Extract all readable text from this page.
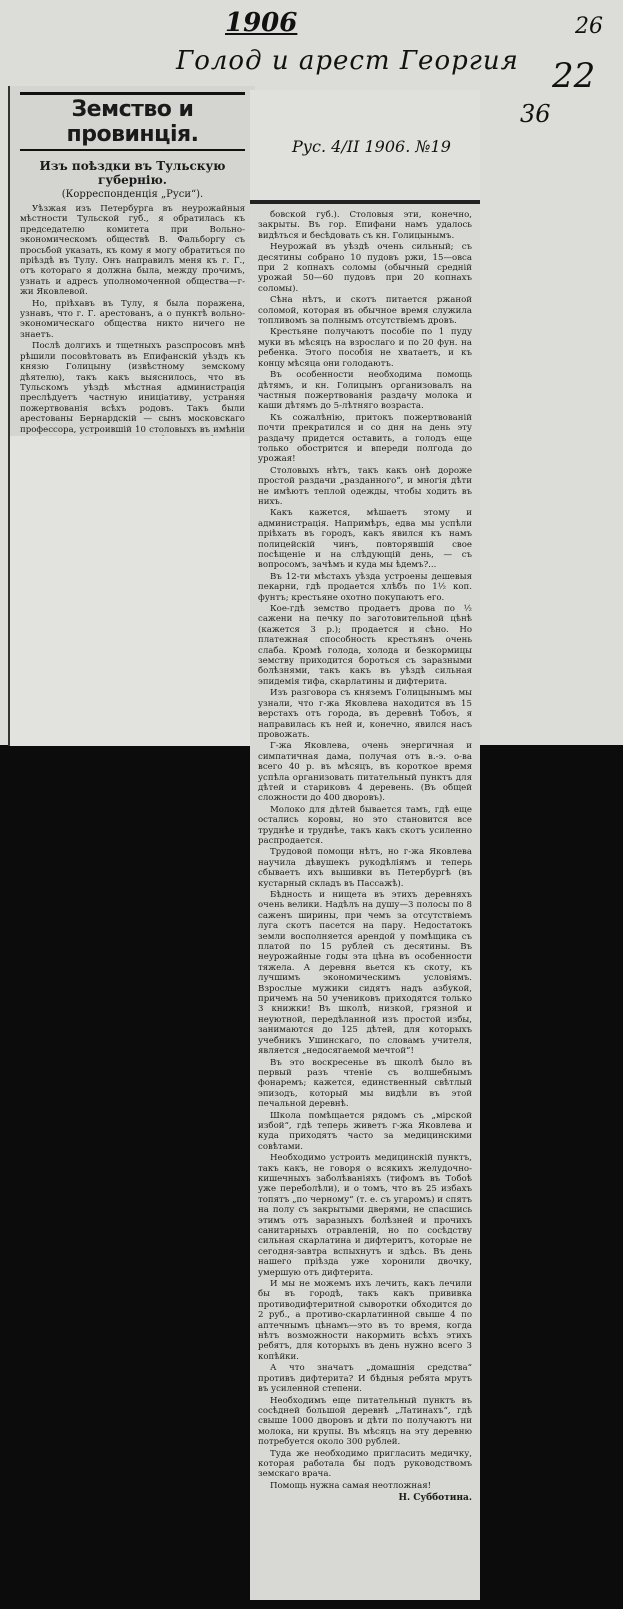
1906
Голод и арест Георгия
26
22
36
Земство и провинція.
Изъ поѣздки въ Тульскую губернію.
(Корреспонденція „Руси“).

Уѣзжая изъ Петербурга въ неурожайныя мѣстности Тульской губ., я обратилась къ председателю комитета при Вольно-экономическомъ обществѣ В. Фальборгу съ просьбой указать, къ кому я могу обратиться по пріѣздѣ въ Тулу. Онъ направилъ меня къ г. Г., отъ котораго я должна была, между прочимъ, узнать и адресъ уполномоченной общества—г-жи Яковлевой.

Но, пріѣхавъ въ Тулу, я была поражена, узнавъ, что г. Г. арестованъ, а о пунктѣ вольно-экономическаго общества никто ничего не знаетъ.

Послѣ долгихъ и тщетныхъ разспросовъ мнѣ рѣшили посовѣтовать въ Епифанскій уѣздъ къ князю Голицыну (извѣстному земскому дѣятелю), такъ какъ выяснилось, что въ Тульскомъ уѣздѣ мѣстная администрація преслѣдуетъ частную иниціативу, устраняя пожертвованія всѣхъ родовъ. Такъ были арестованы Бернардскій — сынъ московскаго профессора, устроившій 10 столовыхъ въ имѣніи

Рус. 4/ІІ 1906. №19

бовской губ.). Столовыя эти, конечно, закрыты. Въ гор. Епифани намъ удалось видѣться и бесѣдовать съ кн. Голицынымъ.

Неурожай въ уѣздѣ очень сильный; съ десятины собрано 10 пудовъ ржи, 15—овса при 2 копнахъ соломы (обычный средній урожай 50—60 пудовъ при 20 копнахъ соломы).

Сѣна нѣтъ, и скотъ питается ржаной соломой, которая въ обычное время служила топливомъ за полнымъ отсутствіемъ дровъ.

Крестьяне получаютъ пособіе по 1 пуду муки въ мѣсяцъ на взрослаго и по 20 фун. на ребенка. Этого пособія не хватаетъ, и къ концу мѣсяца они голодаютъ.

Въ особенности необходима помощь дѣтямъ, и кн. Голицынъ организовалъ на частныя пожертвованія раздачу молока и каши дѣтямъ до 5-лѣтняго возраста.

Къ сожалѣнію, притокъ пожертвованій почти прекратился и со дня на день эту раздачу придется оставить, а голодъ еще только обострится и впереди полгода до урожая!

Столовыхъ нѣтъ, такъ какъ онѣ дороже простой раздачи „разданного“, и многія дѣти не имѣютъ теплой одежды, чтобы ходить въ нихъ.

Какъ кажется, мѣшаетъ этому и администрація. Напримѣръ, едва мы успѣли пріѣхать въ городъ, какъ явился къ намъ полицейскій чинъ, повторявшій свое посѣщеніе и на слѣдующій день, — съ вопросомъ, зачѣмъ и куда мы ѣдемъ?...

Въ 12-ти мѣстахъ уѣзда устроены дешевыя пекарни, гдѣ продается хлѣбъ по 1½ коп. фунтъ; крестьяне охотно покупаютъ его.

Кое-гдѣ земство продаетъ дрова по ½ сажени на печку по заготовительной цѣнѣ (кажется 3 р.); продается и сѣно. Но платежная способность крестьянъ очень слаба. Кромѣ голода, холода и безкормицы земству приходится бороться съ заразными болѣзнями, такъ какъ въ уѣздѣ сильная эпидемія тифа, скарлатины и дифтерита.

Изъ разговора съ княземъ Голицынымъ мы узнали, что г-жа Яковлева находится въ 15 верстахъ отъ города, въ деревнѣ Тобоъ, я направилась къ ней и, конечно, явился насъ провожать.

Г-жа Яковлева, очень энергичная и симпатичная дама, получая отъ в.-э. о-ва всего 40 р. въ мѣсяцъ, въ короткое время успѣла организовать питательный пунктъ для дѣтей и стариковъ 4 деревень. (Въ общей сложности до 400 дворовъ).

Молоко для дѣтей бывается тамъ, гдѣ еще остались коровы, но это становится все труднѣе и труднѣе, такъ какъ скотъ усиленно распродается.

Трудовой помощи нѣтъ, но г-жа Яковлева научила дѣвушекъ рукодѣліямъ и теперь сбываетъ ихъ вышивки въ Петербургѣ (въ кустарный складъ въ Пассажѣ).

Бѣдность и нищета въ этихъ деревняхъ очень велики. Надѣлъ на душу—3 полосы по 8 саженъ ширины, при чемъ за отсутствіемъ луга скотъ пасется на пару. Недостатокъ земли восполняется арендой у помѣщика съ платой по 15 рублей съ десятины. Въ неурожайные годы эта цѣна въ особенности тяжела. А деревня вьется къ скоту, къ лучшимъ экономическимъ условіямъ. Взрослые мужики сидятъ надъ азбукой, причемъ на 50 учениковъ приходятся только 3 книжки! Въ школѣ, низкой, грязной и неуютной, передѣланной изъ простой избы, занимаются до 125 дѣтей, для которыхъ учебникъ Ушинскаго, по словамъ учителя, является „недосягаемой мечтой“!

Въ это воскресенье въ школѣ было въ первый разъ чтеніе съ волшебнымъ фонаремъ; кажется, единственный свѣтлый эпизодъ, который мы видѣли въ этой печальной деревнѣ.

Школа помѣщается рядомъ съ „мірской избой“, гдѣ теперь живетъ г-жа Яковлева и куда приходятъ часто за медицинскими совѣтами.

Необходимо устроить медицинскій пунктъ, такъ какъ, не говоря о всякихъ желудочно-кишечныхъ заболѣваніяхъ (тифомъ въ Тобоѣ уже переболѣли), и о томъ, что въ 25 избахъ топятъ „по черному“ (т. е. съ угаромъ) и спятъ на полу съ закрытыми дверями, не спасшись этимъ отъ заразныхъ болѣзней и прочихъ санитарныхъ отравленій, но по сосѣдству сильная скарлатина и дифтеритъ, которые не сегодня-завтра вспыхнутъ и здѣсь. Въ день нашего пріѣзда уже хоронили двочку, умершую отъ дифтерита.

И мы не можемъ ихъ лечить, какъ лечили бы въ городѣ, такъ какъ прививка противодифтеритной сыворотки обходится до 2 руб., а противо-скарлатинной свыше 4 по аптечнымъ цѣнамъ—это въ то время, когда нѣтъ возможности накормить всѣхъ этихъ ребятъ, для которыхъ въ день нужно всего 3 копѣйки.

А что значатъ „домашнія средства“ противъ дифтерита? И бѣдныя ребята мрутъ въ усиленной степени.

Необходимъ еще питательный пунктъ въ сосѣдней большой деревнѣ „Латинахъ“, гдѣ свыше 1000 дворовъ и дѣти по получаютъ ни молока, ни крупы. Въ мѣсяцъ на эту деревню потребуется около 300 рублей.

Туда же необходимо пригласить медичку, которая работала бы подъ руководствомъ земскаго врача.

Помощь нужна самая неотложная!

Н. Субботина.
